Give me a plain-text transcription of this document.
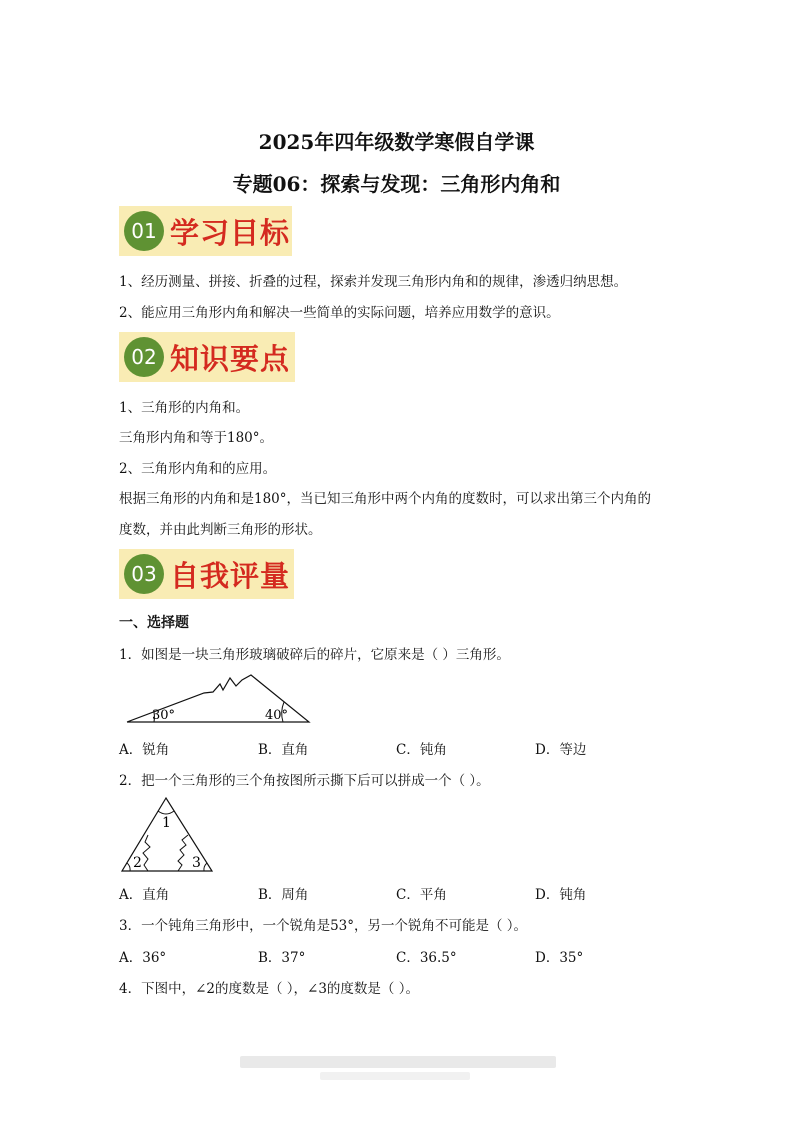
2025年四年级数学寒假自学课
专题06：探索与发现：三角形内角和
01 学习目标
1、经历测量、拼接、折叠的过程，探索并发现三角形内角和的规律，渗透归纳思想。
2、能应用三角形内角和解决一些简单的实际问题，培养应用数学的意识。
02 知识要点
1、三角形的内角和。
三角形内角和等于180°。
2、三角形内角和的应用。
根据三角形的内角和是180°，当已知三角形中两个内角的度数时，可以求出第三个内角的
度数，并由此判断三角形的形状。
03 自我评量
一、选择题
1．如图是一块三角形玻璃破碎后的碎片，它原来是（ ）三角形。
30°	40°
A．锐角	B．直角	C．钝角	D．等边
2．把一个三角形的三个角按图所示撕下后可以拼成一个（ ）。
1
2	3
A．直角	B．周角	C．平角	D．钝角
3．一个钝角三角形中，一个锐角是53°，另一个锐角不可能是（ ）。
A．36°	B．37°	C．36.5°	D．35°
4．下图中，∠2的度数是（ ），∠3的度数是（ ）。
